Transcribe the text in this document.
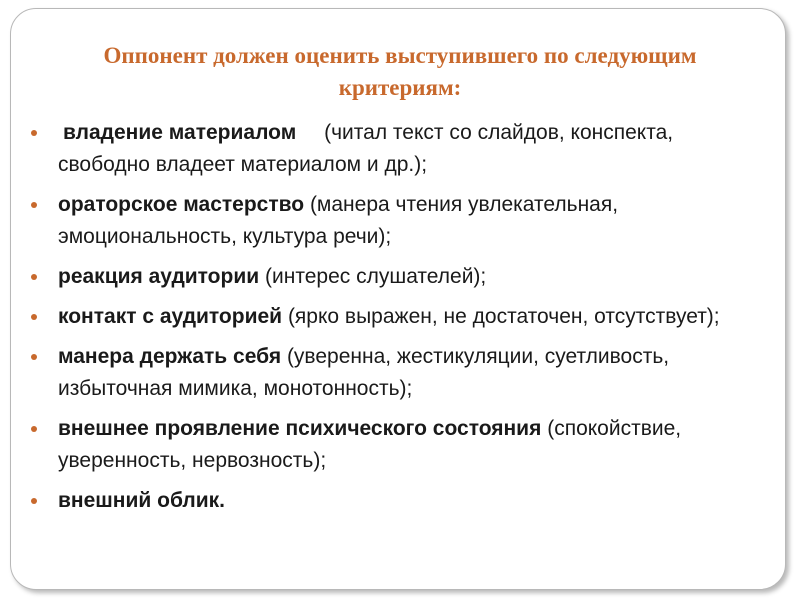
Оппонент должен оценить выступившего по следующим
критериям:
владение материалом (читал текст со слайдов, конспекта, свободно владеет материалом и др.);
ораторское мастерство (манера чтения увлекательная, эмоциональность, культура речи);
реакция аудитории (интерес слушателей);
контакт с аудиторией (ярко выражен, не достаточен, отсутствует);
манера держать себя (уверенна, жестикуляции, суетливость, избыточная мимика, монотонность);
внешнее проявление психического состояния (спокойствие, уверенность, нервозность);
внешний облик.
